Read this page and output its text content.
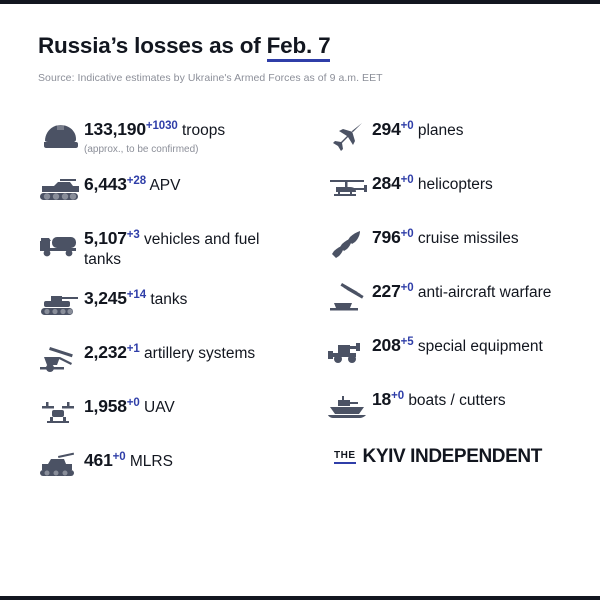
Russia’s losses as of Feb. 7
Source: Indicative estimates by Ukraine's Armed Forces as of 9 a.m. EET
$133,190^{+1030}$ troops
(approx., to be confirmed)
$6,443^{+28}$ APV
$5,107^{+3}$ vehicles and fuel tanks
$3,245^{+14}$ tanks
$2,232^{+1}$ artillery systems
$1,958^{+0}$ UAV
$461^{+0}$ MLRS
$294^{+0}$ planes
$284^{+0}$ helicopters
$796^{+0}$ cruise missiles
$227^{+0}$ anti-aircraft warfare
$208^{+5}$ special equipment
$18^{+0}$ boats / cutters
THE KYIV INDEPENDENT
